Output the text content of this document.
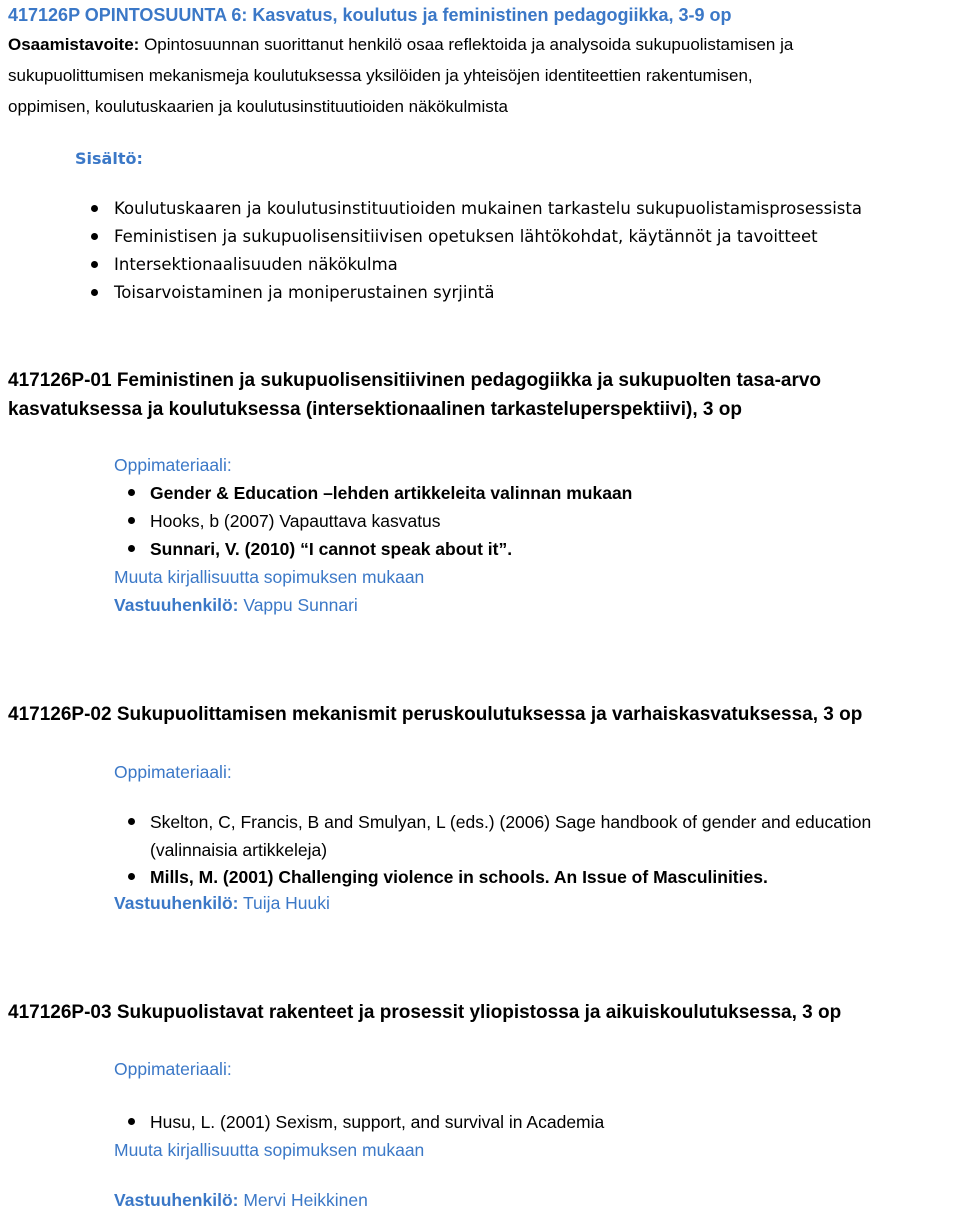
417126P OPINTOSUUNTA 6: Kasvatus, koulutus ja feministinen pedagogiikka, 3-9 op
Osaamistavoite: Opintosuunnan suorittanut henkilö osaa reflektoida ja analysoida sukupuolistamisen ja
sukupuolittumisen mekanismeja koulutuksessa yksilöiden ja yhteisöjen identiteettien rakentumisen,
oppimisen, koulutuskaarien ja koulutusinstituutioiden näkökulmista
Sisältö:
Koulutuskaaren ja koulutusinstituutioiden mukainen tarkastelu sukupuolistamisprosessista
Feministisen ja sukupuolisensitiivisen opetuksen lähtökohdat, käytännöt ja tavoitteet
Intersektionaalisuuden näkökulma
Toisarvoistaminen ja moniperustainen syrjintä
417126P-01 Feministinen ja sukupuolisensitiivinen pedagogiikka ja sukupuolten tasa-arvo
kasvatuksessa ja koulutuksessa (intersektionaalinen tarkasteluperspektiivi), 3 op
Oppimateriaali:
Gender & Education –lehden artikkeleita valinnan mukaan
Hooks, b (2007) Vapauttava kasvatus
Sunnari, V. (2010) “I cannot speak about it”.
Muuta kirjallisuutta sopimuksen mukaan
Vastuuhenkilö: Vappu Sunnari
417126P-02 Sukupuolittamisen mekanismit peruskoulutuksessa ja varhaiskasvatuksessa, 3 op
Oppimateriaali:
Skelton, C, Francis, B and Smulyan, L (eds.) (2006) Sage handbook of gender and education
(valinnaisia artikkeleja)
Mills, M. (2001) Challenging violence in schools. An Issue of Masculinities.
Vastuuhenkilö: Tuija Huuki
417126P-03 Sukupuolistavat rakenteet ja prosessit yliopistossa ja aikuiskoulutuksessa, 3 op
Oppimateriaali:
Husu, L. (2001) Sexism, support, and survival in Academia
Muuta kirjallisuutta sopimuksen mukaan
Vastuuhenkilö: Mervi Heikkinen
